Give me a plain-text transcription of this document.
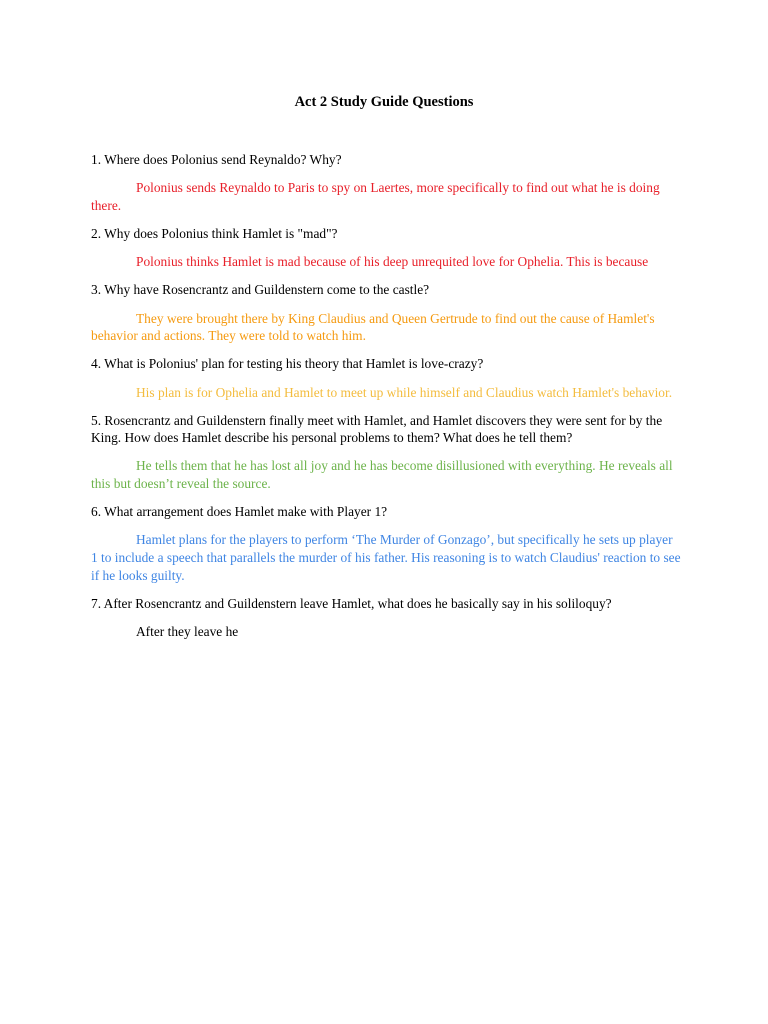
Act 2 Study Guide Questions

1. Where does Polonius send Reynaldo? Why?

Polonius sends Reynaldo to Paris to spy on Laertes, more specifically to find out what he is doing there.

2. Why does Polonius think Hamlet is "mad"?

Polonius thinks Hamlet is mad because of his deep unrequited love for Ophelia. This is because

3. Why have Rosencrantz and Guildenstern come to the castle?

They were brought there by King Claudius and Queen Gertrude to find out the cause of Hamlet's behavior and actions. They were told to watch him.

4. What is Polonius' plan for testing his theory that Hamlet is love-crazy?

His plan is for Ophelia and Hamlet to meet up while himself and Claudius watch Hamlet's behavior.

5. Rosencrantz and Guildenstern finally meet with Hamlet, and Hamlet discovers they were sent for by the King. How does Hamlet describe his personal problems to them? What does he tell them?

He tells them that he has lost all joy and he has become disillusioned with everything. He reveals all this but doesn’t reveal the source.

6. What arrangement does Hamlet make with Player 1?

Hamlet plans for the players to perform ‘The Murder of Gonzago’, but specifically he sets up player 1 to include a speech that parallels the murder of his father. His reasoning is to watch Claudius' reaction to see if he looks guilty.

7. After Rosencrantz and Guildenstern leave Hamlet, what does he basically say in his soliloquy?

After they leave he
